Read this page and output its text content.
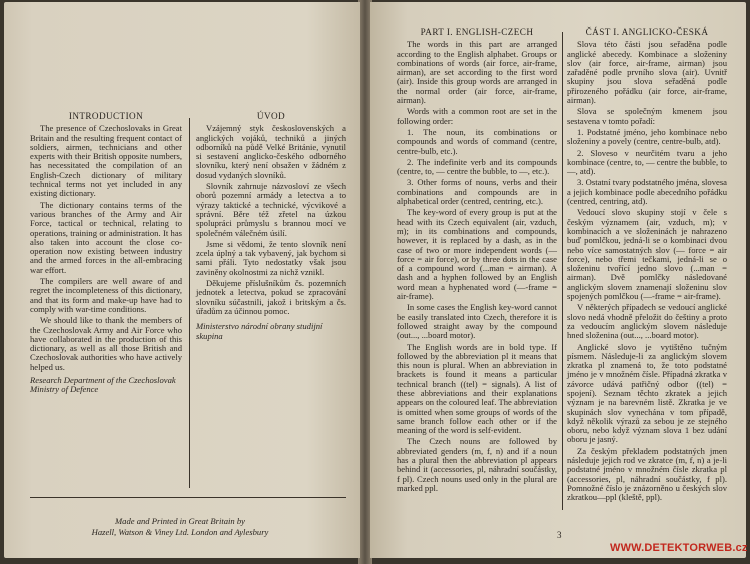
INTRODUCTION

The presence of Czechoslovaks in Great Britain and the resulting frequent contact of soldiers, airmen, technicians and other experts with their British opposite numbers, has necessitated the compilation of an English-Czech dictionary of military technical terms not yet included in any existing dictionary.

The dictionary contains terms of the various branches of the Army and Air Force, tactical or technical, relating to operations, training or administration. It has also taken into account the close co-operation now existing between industry and the armed forces in the all-embracing war effort.

The compilers are well aware of and regret the incompleteness of this dictionary, and that its form and make-up have had to comply with war-time conditions.

We should like to thank the members of the Czechoslovak Army and Air Force who have collaborated in the production of this dictionary, as well as all those British and Czechoslovak authorities who have actively helped us.

Research Department of the Czechoslovak Ministry of Defence

ÚVOD

Vzájemný styk československých a anglických vojáků, techniků a jiných odborníků na půdě Velké Británie, vynutil si sestavení anglicko-českého odborného slovníku, který není obsažen v žádném z dosud vydaných slovníků.

Slovník zahrnuje názvosloví ze všech oborů pozemní armády a letectva a to výrazy taktické a technické, výcvikové a správní. Běre též zřetel na úzkou spolupráci průmyslu s brannou mocí ve společném válečném úsilí.

Jsme si vědomi, že tento slovník není zcela úplný a tak vybavený, jak bychom si sami přáli. Tyto nedostatky však jsou zaviněny okolnostmi za nichž vznikl.

Děkujeme příslušníkům čs. pozemních jednotek a letectva, pokud se zpracování slovníku súčastnili, jakož i britským a čs. úřadům za účinnou pomoc.

Ministerstvo národní obrany studijní skupina

Made and Printed in Great Britain by
Hazell, Watson & Viney Ltd. London and Aylesbury

PART I. ENGLISH-CZECH

The words in this part are arranged according to the English alphabet. Groups or combinations of words (air force, air-frame, airman), are set according to the first word (air). Inside this group words are arranged in the normal order (air force, air-frame, airman).

Words with a common root are set in the following order:

1. The noun, its combinations or compounds and words of command (centre, centre-bulb, etc.).

2. The indefinite verb and its compounds (centre, to, — centre the bubble, to —, etc.).

3. Other forms of nouns, verbs and their combinations and compounds are in alphabetical order (centred, centring, etc.).

The key-word of every group is put at the head with its Czech equivalent (air, vzduch, m); in its combinations and compounds, however, it is replaced by a dash, as in the case of two or more independent words (— force = air force), or by three dots in the case of a compound word (...man = airman). A dash and a hyphen followed by an English word mean a hyphenated word (—-frame = air-frame).

In some cases the English key-word cannot be easily translated into Czech, therefore it is followed straight away by the compound (out..., ...board motor).

The English words are in bold type. If followed by the abbreviation pl it means that this noun is plural. When an abbreviation in brackets is found it means a particular technical branch ((tel) = signals). A list of these abbreviations and their explanations appears on the coloured leaf. The abbreviation is omitted when some groups of words of the same branch follow each other or if the meaning of the word is self-evident.

The Czech nouns are followed by abbreviated genders (m, f, n) and if a noun has a plural then the abbreviation pl appears behind it (accessories, pl, náhradní součástky, f pl). Czech nouns used only in the plural are marked ppl.

ČÁST I. ANGLICKO-ČESKÁ

Slova této části jsou seřaděna podle anglické abecedy. Kombinace a složeniny slov (air force, air-frame, airman) jsou zařaděné podle prvního slova (air). Uvnitř skupiny jsou slova seřaděná podle přirozeného pořádku (air force, air-frame, airman).

Slova se společným kmenem jsou sestavena v tomto pořadí:

1. Podstatné jméno, jeho kombinace nebo složeniny a povely (centre, centre-bulb, atd).

2. Sloveso v neurčitém tvaru a jeho kombinace (centre, to, — centre the bubble, to —, atd).

3. Ostatní tvary podstatného jména, slovesa a jejich kombinace podle abecedního pořádku (centred, centring, atd).

Vedoucí slovo skupiny stojí v čele s českým významem (air, vzduch, m); v kombinacích a ve složeninách je nahrazeno buď pomlčkou, jedná-li se o kombinaci dvou nebo více samostatných slov (— force = air force), nebo třemi tečkami, jedná-li se o složeninu tvořící jedno slovo (...man = airman). Dvě pomlčky následované anglickým slovem znamenají složeninu slov spojených pomlčkou (—-frame = air-frame).

V některých případech se vedoucí anglické slovo nedá vhodně přeložit do češtiny a proto za vedoucím anglickým slovem následuje hned složenina (out..., ...board motor).

Anglické slovo je vytištěno tučným písmem. Následuje-li za anglickým slovem zkratka pl znamená to, že toto podstatné jméno je v množném čísle. Případná zkratka v závorce udává patřičný odbor ((tel) = spojení). Seznam těchto zkratek a jejich význam je na barevném listě. Zkratka je ve skupinách slov vynechána v tom případě, když několik výrazů za sebou je ze stejného oboru, nebo když význam slova 1 bez udání oboru je jasný.

Za českým překladem podstatných jmen následuje jejich rod ve zkratce (m, f, n) a je-li podstatné jméno v množném čísle zkratka pl (accessories, pl, náhradní součástky, f pl). Pomnožné číslo je znázorněno u českých slov zkratkou—ppl (kleště, ppl).

3
WWW.DETEKTORWEB.cz
